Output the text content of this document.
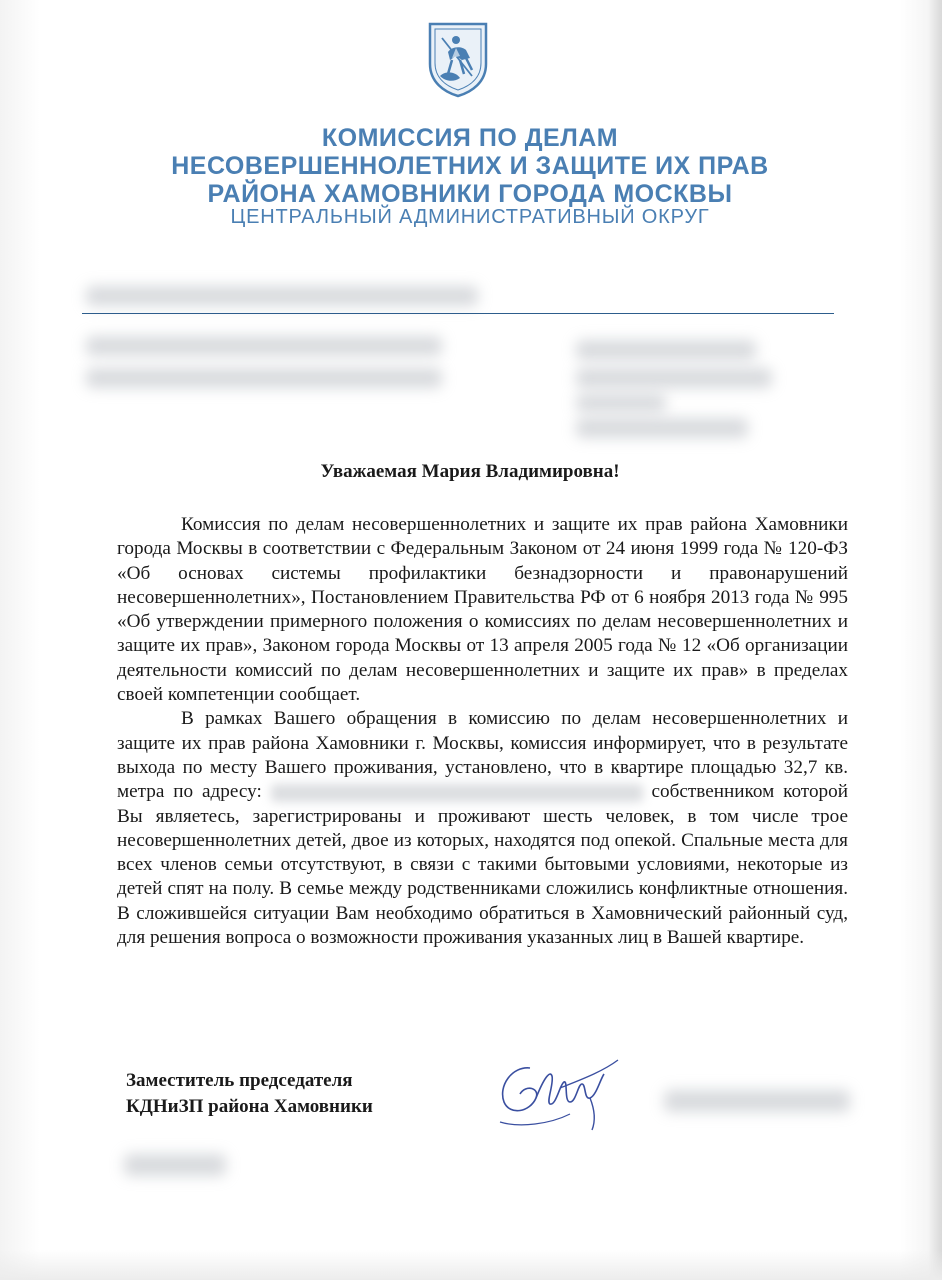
КОМИССИЯ ПО ДЕЛАМ
НЕСОВЕРШЕННОЛЕТНИХ И ЗАЩИТЕ ИХ ПРАВ
РАЙОНА ХАМОВНИКИ ГОРОДА МОСКВЫ
ЦЕНТРАЛЬНЫЙ АДМИНИСТРАТИВНЫЙ ОКРУГ
Уважаемая Мария Владимировна!

Комиссия по делам несовершеннолетних и защите их прав района Хамовники города Москвы в соответствии с Федеральным Законом от 24 июня 1999 года № 120-ФЗ «Об основах системы профилактики безнадзорности и правонарушений несовершеннолетних», Постановлением Правительства РФ от 6 ноября 2013 года № 995 «Об утверждении примерного положения о комиссиях по делам несовершеннолетних и защите их прав», Законом города Москвы от 13 апреля 2005 года № 12 «Об организации деятельности комиссий по делам несовершеннолетних и защите их прав» в пределах своей компетенции сообщает.

В рамках Вашего обращения в комиссию по делам несовершеннолетних и защите их прав района Хамовники г. Москвы, комиссия информирует, что в результате выхода по месту Вашего проживания, установлено, что в квартире площадью 32,7 кв. метра по адресу:	собственником которой Вы являетесь, зарегистрированы и проживают шесть человек, в том числе трое несовершеннолетних детей, двое из которых, находятся под опекой. Спальные места для всех членов семьи отсутствуют, в связи с такими бытовыми условиями, некоторые из детей спят на полу. В семье между родственниками сложились конфликтные отношения. В сложившейся ситуации Вам необходимо обратиться в Хамовнический районный суд, для решения вопроса о возможности проживания указанных лиц в Вашей квартире.

Заместитель председателя
КДНиЗП района Хамовники
